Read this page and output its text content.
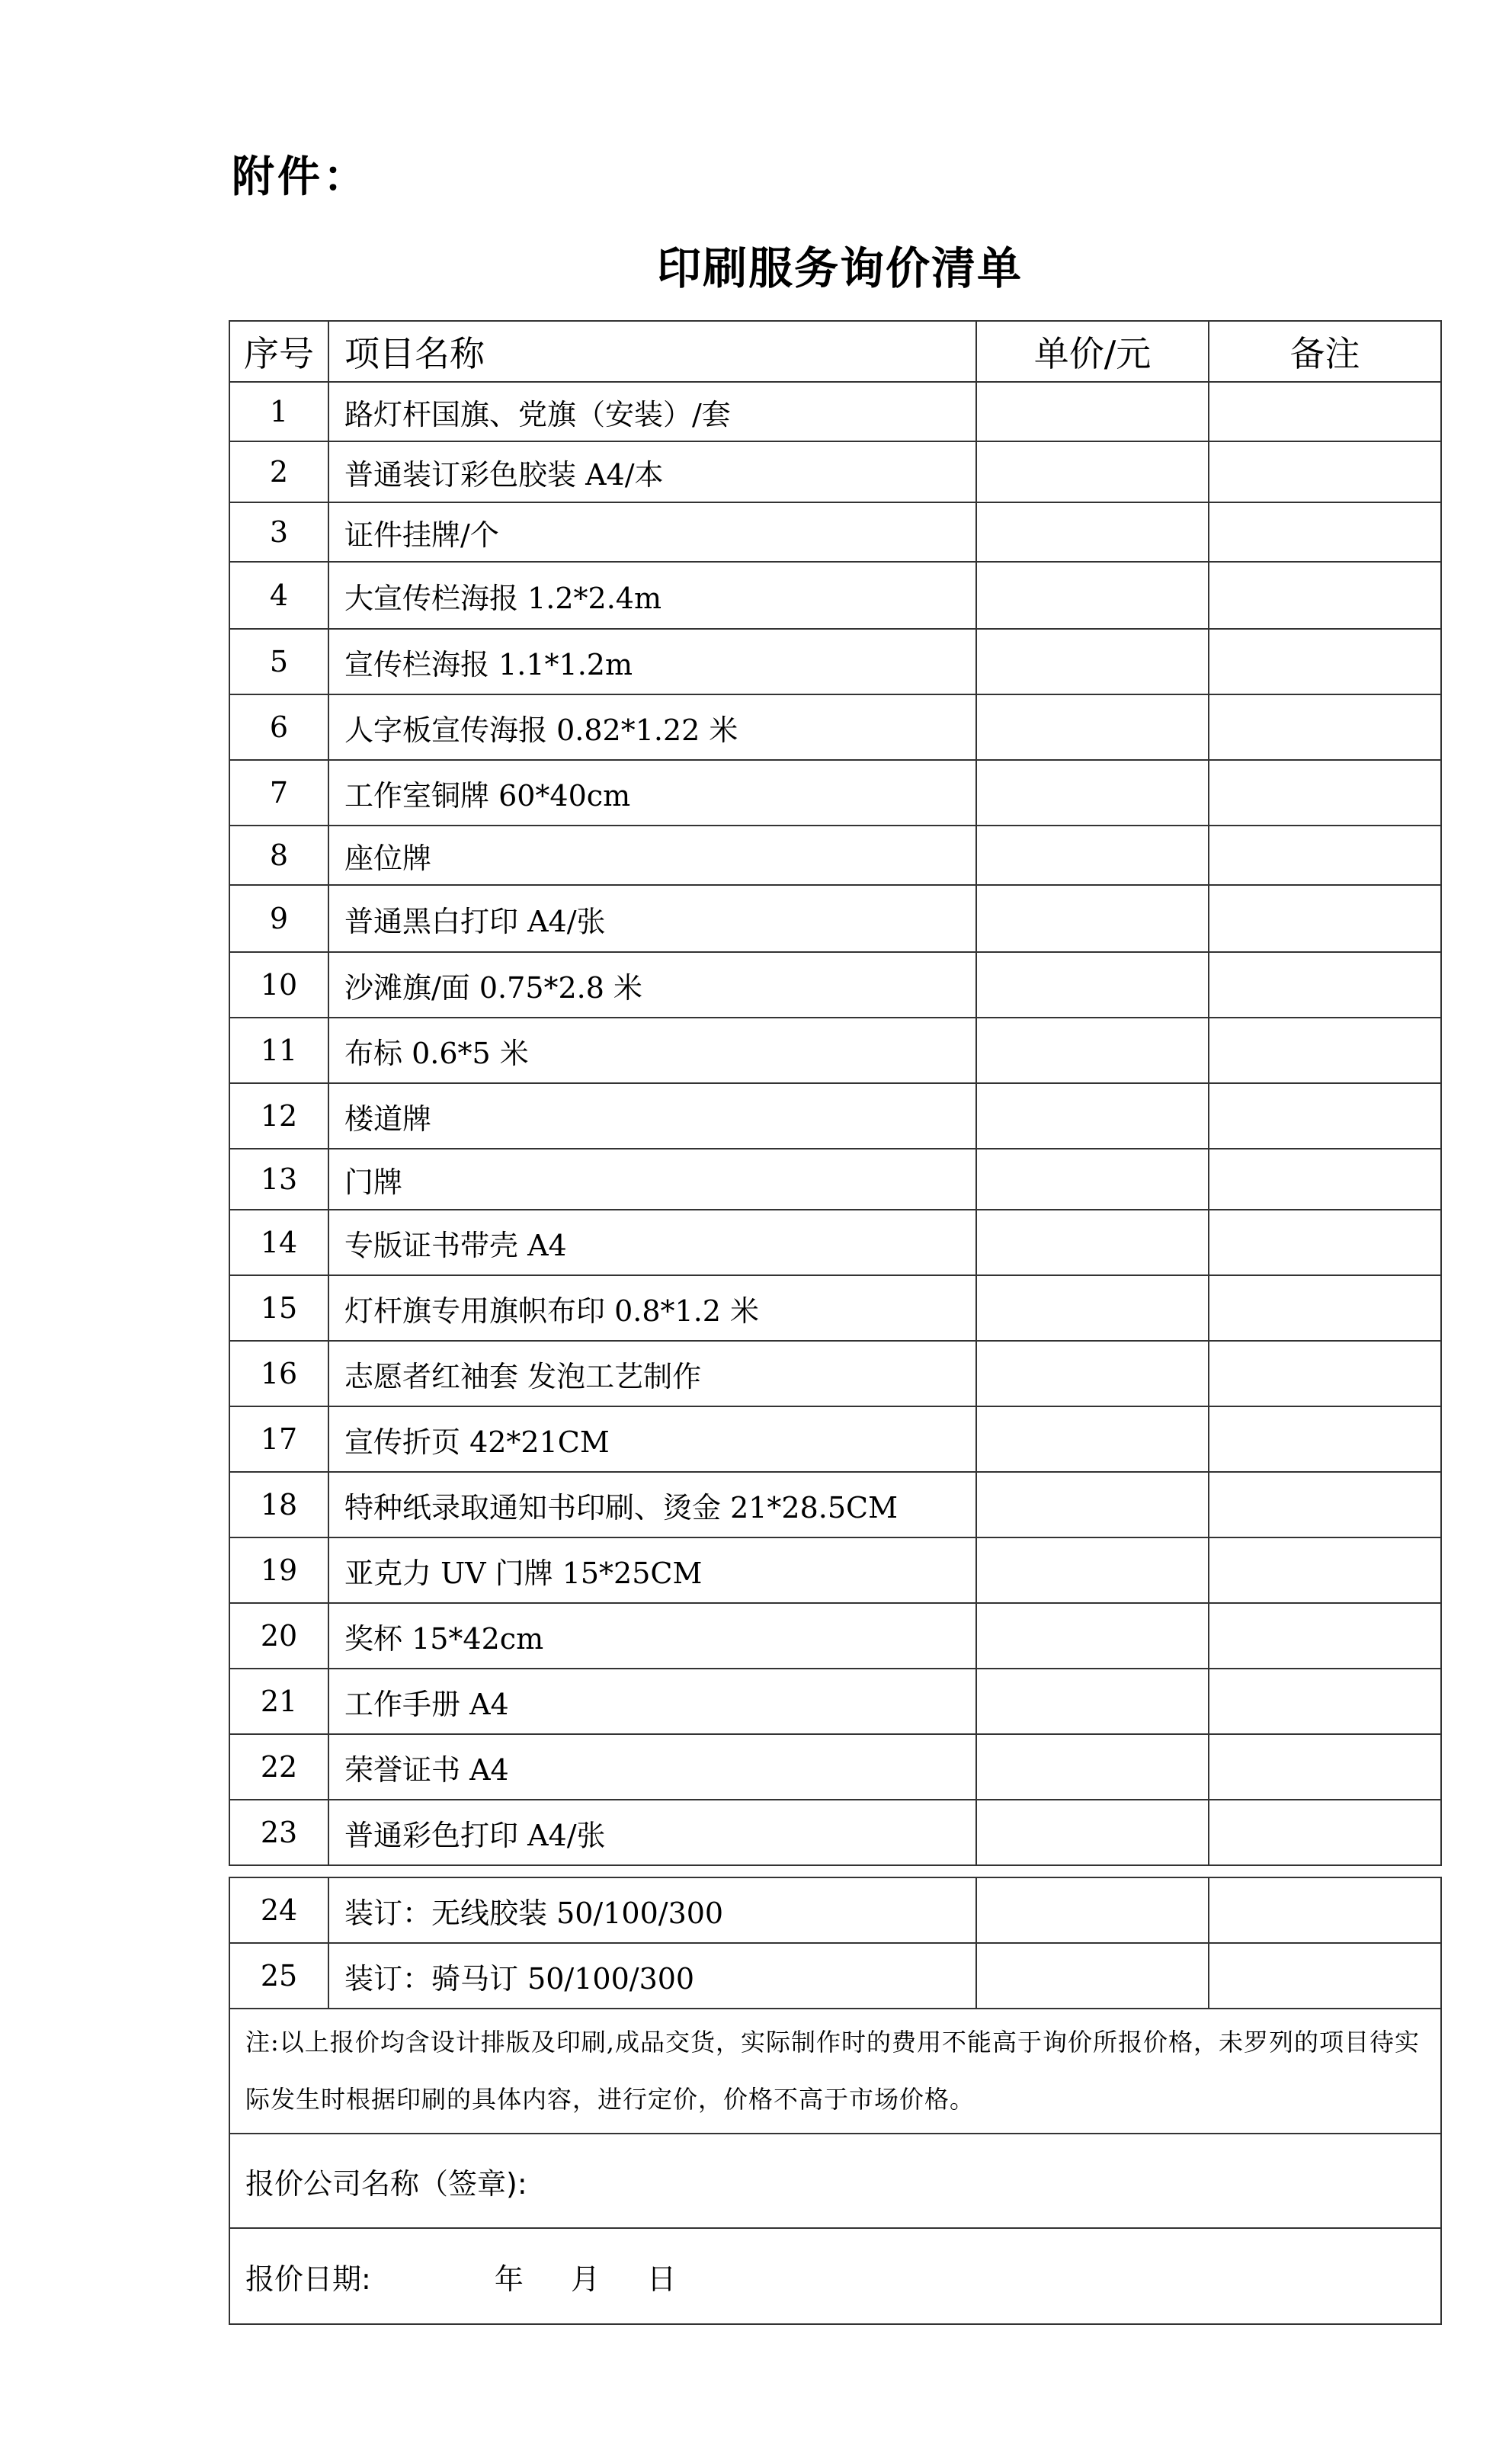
附件：
印刷服务询价清单
序号	项目名称	单价/元	备注
1	路灯杆国旗、党旗（安装）/套		
2	普通装订彩色胶装 A4/本		
3	证件挂牌/个		
4	大宣传栏海报 1.2*2.4m		
5	宣传栏海报 1.1*1.2m		
6	人字板宣传海报 0.82*1.22 米		
7	工作室铜牌 60*40cm		
8	座位牌		
9	普通黑白打印 A4/张		
10	沙滩旗/面 0.75*2.8 米		
11	布标 0.6*5 米		
12	楼道牌		
13	门牌		
14	专版证书带壳 A4		
15	灯杆旗专用旗帜布印 0.8*1.2 米		
16	志愿者红袖套 发泡工艺制作		
17	宣传折页 42*21CM		
18	特种纸录取通知书印刷、烫金 21*28.5CM		
19	亚克力 UV 门牌 15*25CM		
20	奖杯 15*42cm		
21	工作手册 A4		
22	荣誉证书 A4		
23	普通彩色打印 A4/张		
24	装订：无线胶装 50/100/300		
25	装订：骑马订 50/100/300		
注:以上报价均含设计排版及印刷,成品交货，实际制作时的费用不能高于询价所报价格，未罗列的项目待实际发生时根据印刷的具体内容，进行定价，价格不高于市场价格。			
报价公司名称（签章):			
报价日期: 年 月 日			
